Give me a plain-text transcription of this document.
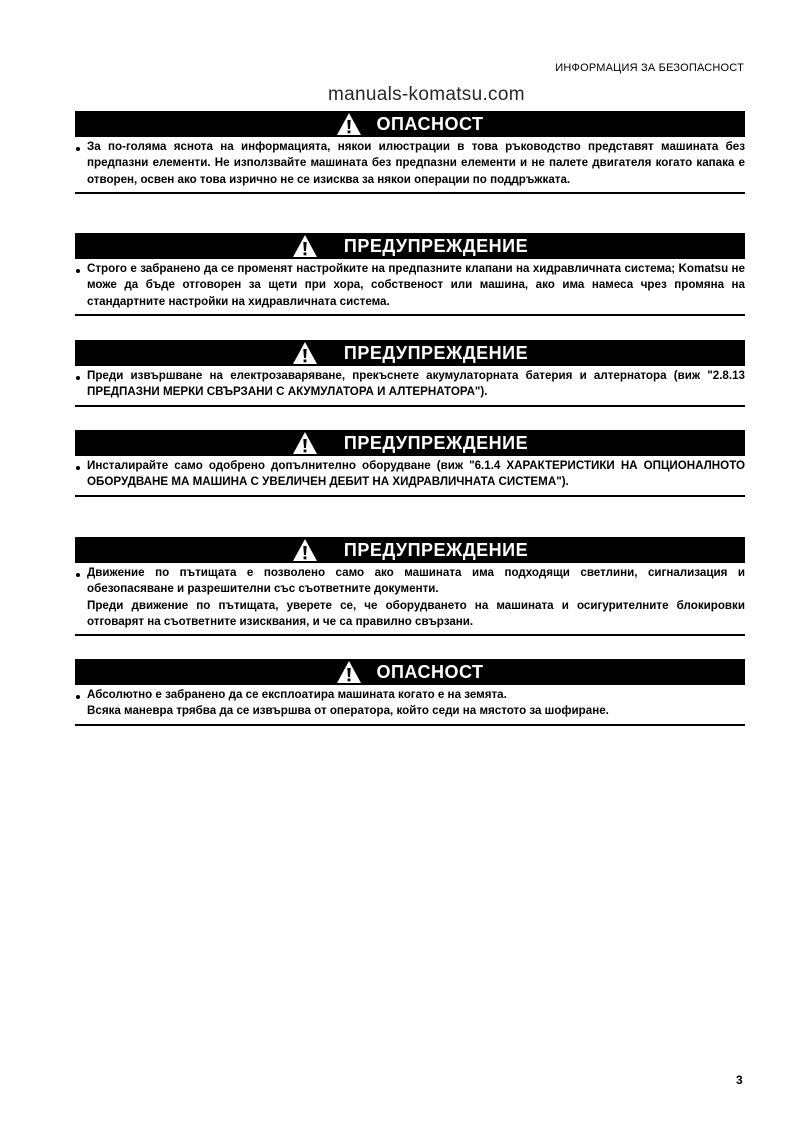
ИНФОРМАЦИЯ ЗА БЕЗОПАСНОСТ
manuals-komatsu.com
ОПАСНОСТ

За по-голяма яснота на информацията, някои илюстрации в това ръководство представят машината без предпазни елементи. Не използвайте машината без предпазни елементи и не палете двигателя когато капака е отворен, освен ако това изрично не се изисква за някои операции по поддръжката.

ПРЕДУПРЕЖДЕНИЕ

Строго е забранено да се променят настройките на предпазните клапани на хидравличната система; Komatsu не може да бъде отговорен за щети при хора, собственост или машина, ако има намеса чрез промяна на стандартните настройки на хидравличната система.

ПРЕДУПРЕЖДЕНИЕ

Преди извършване на електрозаваряване, прекъснете акумулаторната батерия и алтернатора (виж "2.8.13 ПРЕДПАЗНИ МЕРКИ СВЪРЗАНИ С АКУМУЛАТОРА И АЛТЕРНАТОРА").

ПРЕДУПРЕЖДЕНИЕ

Инсталирайте само одобрено допълнително оборудване (виж "6.1.4 ХАРАКТЕРИСТИКИ НА ОПЦИОНАЛНОТО ОБОРУДВАНЕ МА МАШИНА С УВЕЛИЧЕН ДЕБИТ НА ХИДРАВЛИЧНАТА СИСТЕМА").

ПРЕДУПРЕЖДЕНИЕ

Движение по пътищата е позволено само ако машината има подходящи светлини, сигнализация и обезопасяване и разрешителни със съответните документи.

Преди движение по пътищата, уверете се, че оборудването на машината и осигурителните блокировки отговарят на съответните изисквания, и че са правилно свързани.

ОПАСНОСТ

Абсолютно е забранено да се експлоатира машината когато е на земята.

Всяка маневра трябва да се извършва от оператора, който седи на мястото за шофиране.

3
